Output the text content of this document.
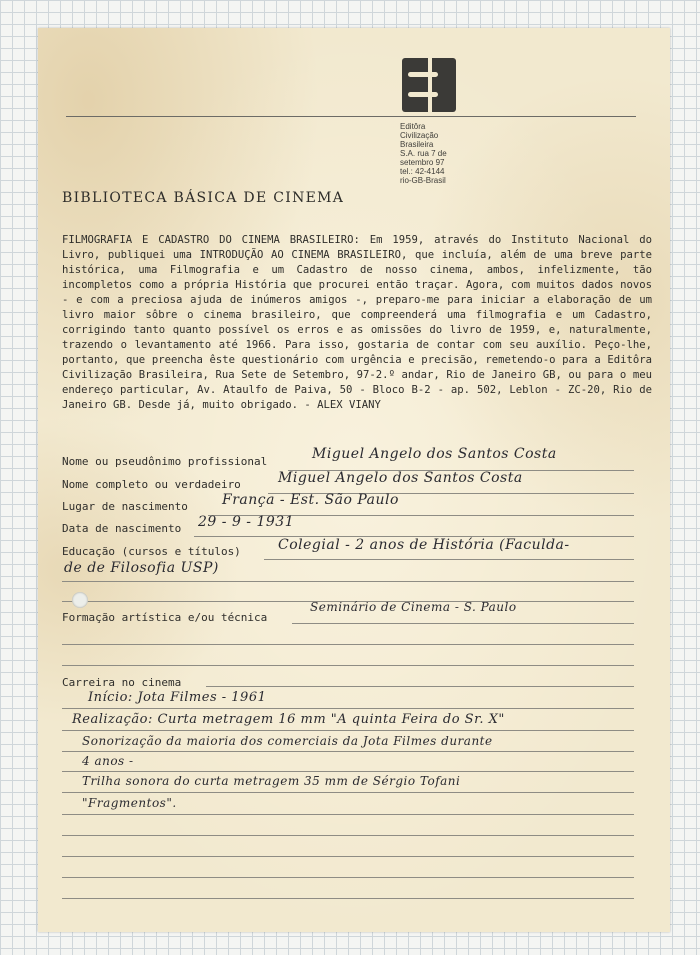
Editôra
Civilização
Brasileira
S.A. rua 7 de
setembro 97
tel.: 42-4144
rio-GB-Brasil
BIBLIOTECA BÁSICA DE CINEMA
FILMOGRAFIA E CADASTRO DO CINEMA BRASILEIRO: Em 1959, através do Instituto Nacional do Livro, publiquei uma INTRODUÇÃO AO CINEMA BRASILEIRO, que incluía, além de uma breve parte histórica, uma Filmografia e um Cadastro de nosso cinema, ambos, infelizmente, tão incompletos como a própria História que procurei então traçar. Agora, com muitos dados novos - e com a preciosa ajuda de inúmeros amigos -, preparo-me para iniciar a elaboração de um livro maior sôbre o cinema brasileiro, que compreenderá uma filmografia e um Cadastro, corrigindo tanto quanto possível os erros e as omissões do livro de 1959, e, naturalmente, trazendo o levantamento até 1966. Para isso, gostaria de contar com seu auxílio. Peço-lhe, portanto, que preencha êste questionário com urgência e precisão, remetendo-o para a Editôra Civilização Brasileira, Rua Sete de Setembro, 97-2.º andar, Rio de Janeiro GB, ou para o meu endereço particular, Av. Ataulfo de Paiva, 50 - Bloco B-2 - ap. 502, Leblon - ZC-20, Rio de Janeiro GB. Desde já, muito obrigado. - ALEX VIANY
Nome ou pseudônimo profissional	Miguel Angelo dos Santos Costa
Nome completo ou verdadeiro	Miguel Angelo dos Santos Costa
Lugar de nascimento França - Est. São Paulo
Data de nascimento 29 - 9 - 1931
Educação (cursos e títulos)	Colegial - 2 anos de História (Faculda-
de de Filosofia USP)
Formação artística e/ou técnica
Seminário de Cinema - S. Paulo
Carreira no cinema
Início: Jota Filmes - 1961
Realização: Curta metragem 16 mm "A quinta Feira do Sr. X"
Sonorização da maioria dos comerciais da Jota Filmes durante
4 anos -
Trilha sonora do curta metragem 35 mm de Sérgio Tofani
"Fragmentos".
